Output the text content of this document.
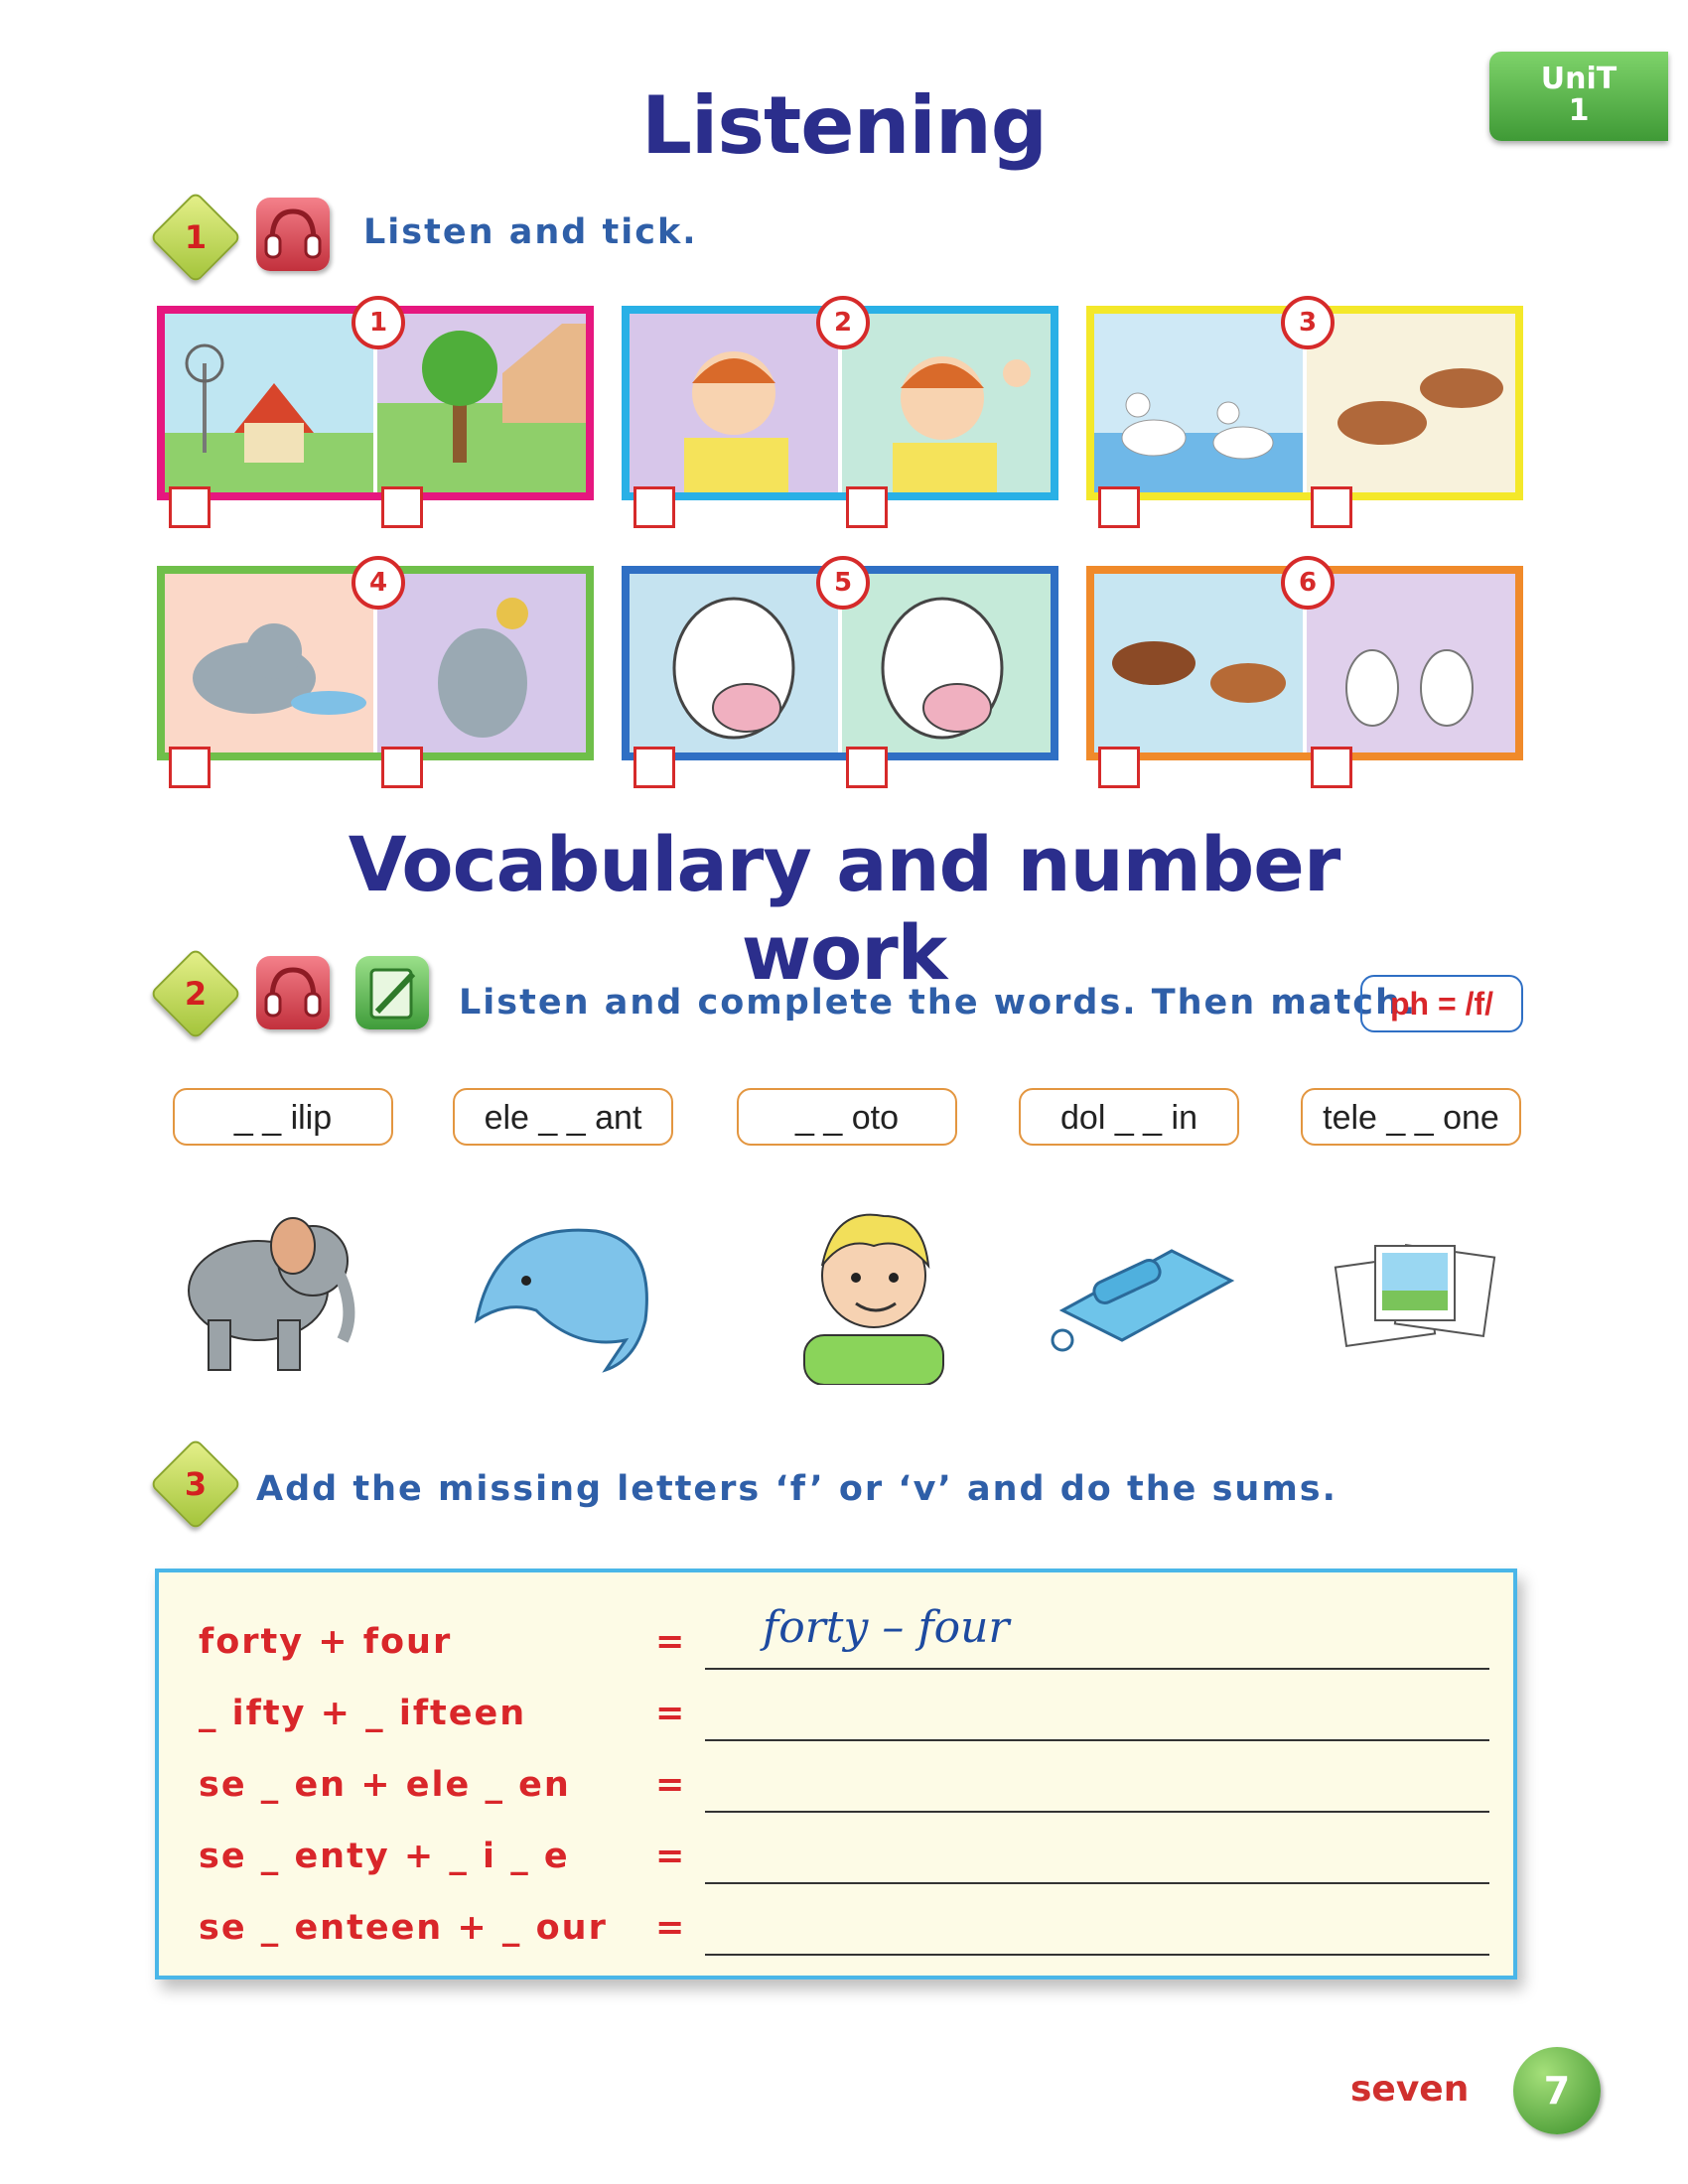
UniT
1
Listening
1	Listen and tick.
1	2	3
4	5	6
Vocabulary and number work
2	Listen and complete the words. Then match.
ph = /f/
_ _ ilip	ele _ _ ant	_ _ oto	dol _ _ in	tele _ _ one
3	Add the missing letters ‘f’ or ‘v’ and do the sums.
forty + four	= forty – four
_ ifty + _ ifteen	=
se _ en + ele _ en =
se _ enty + _ i _ e =
se _ enteen + _ our =
seven	7
